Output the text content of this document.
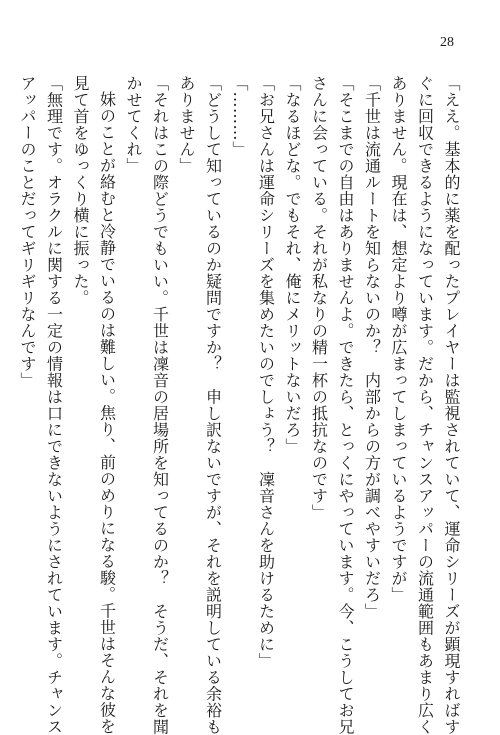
28
「ええ。基本的に薬を配ったプレイヤーは監視されていて、運命シリーズが顕現すればす
ぐに回収できるようになっています。だから、チャンスアッパーの流通範囲もあまり広く
ありません。現在は、想定より噂が広まってしまっているようですが」
「千世は流通ルートを知らないのか？　内部からの方が調べやすいだろ」
「そこまでの自由はありませんよ。できたら、とっくにやっています。今、こうしてお兄
さんに会っている。それが私なりの精一杯の抵抗なのです」
「なるほどな。でもそれ、俺にメリットないだろ」
「お兄さんは運命シリーズを集めたいのでしょう？　凜音さんを助けるために」
「………」
「どうして知っているのか疑問ですか？　申し訳ないですが、それを説明している余裕も
ありません」
「それはこの際どうでもいい。千世は凜音の居場所を知ってるのか？　そうだ、それを聞
かせてくれ」
妹のことが絡むと冷静でいるのは難しい。焦り、前のめりになる駿。千世はそんな彼を
見て首をゆっくり横に振った。
「無理です。オラクルに関する一定の情報は口にできないようにされています。チャンス
アッパーのことだってギリギリなんです」
